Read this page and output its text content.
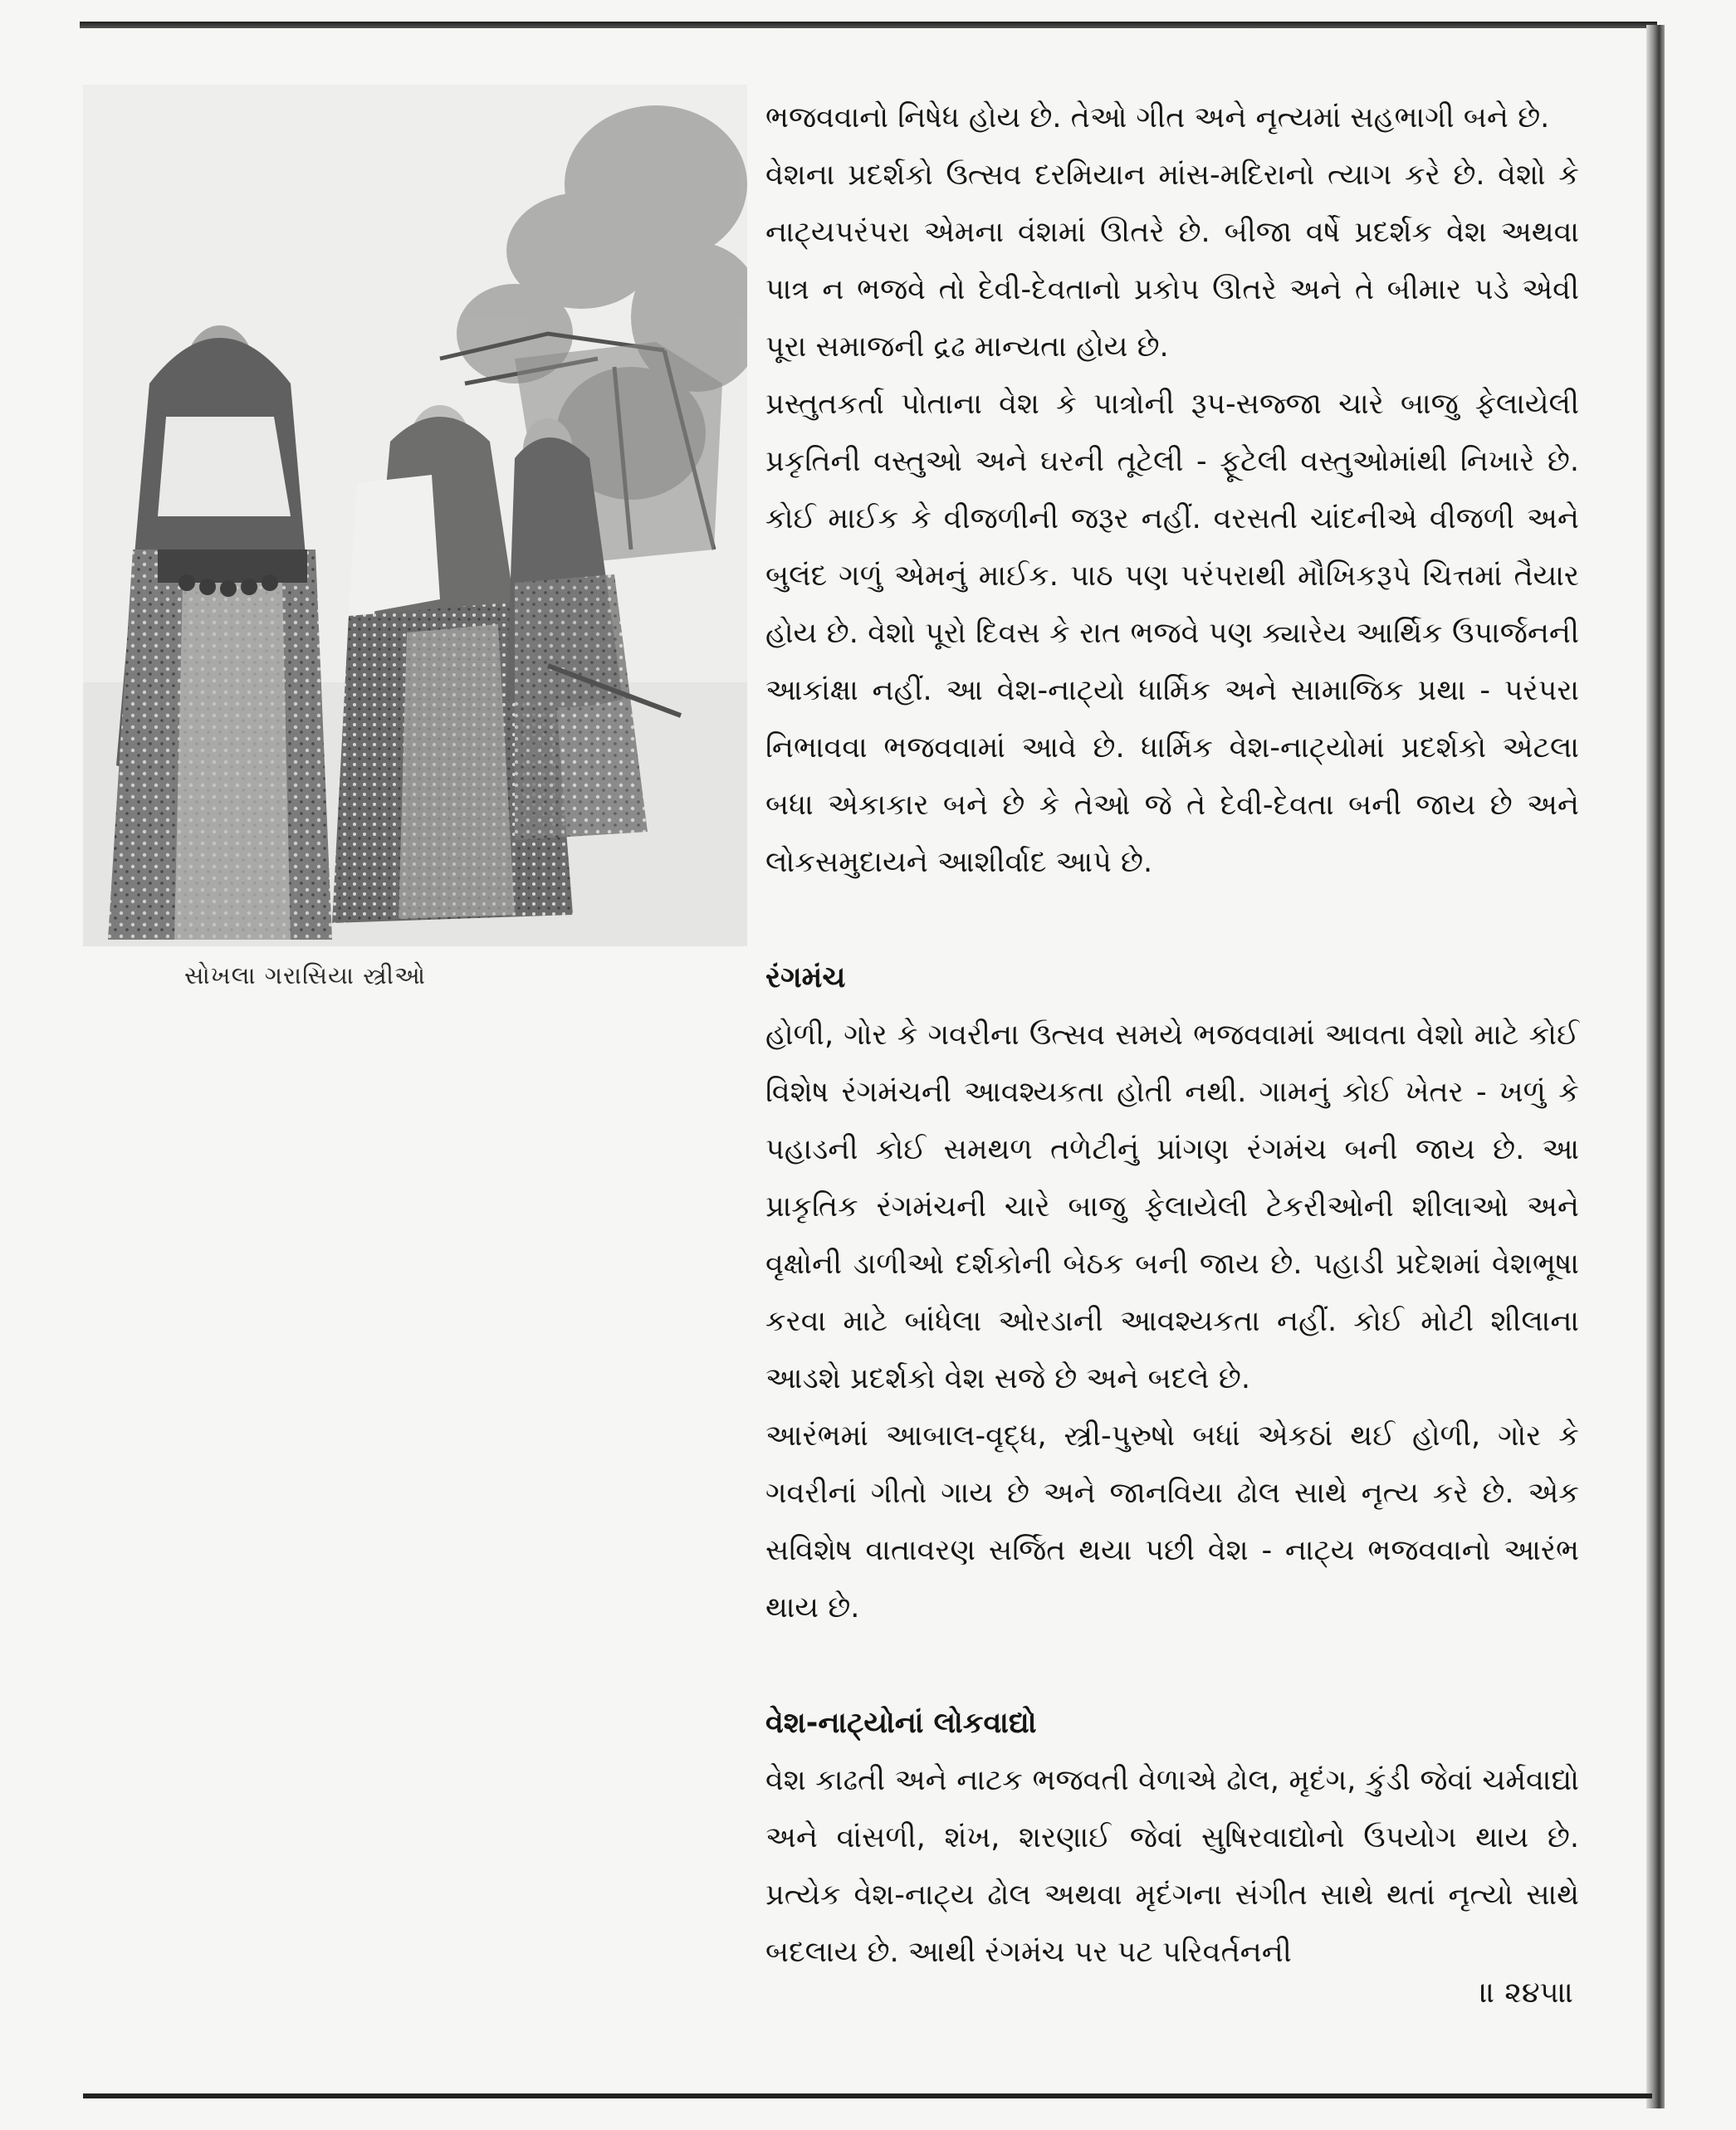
સોખલા ગરાસિયા સ્ત્રીઓ

ભજવવાનો નિષેધ હોય છે. તેઓ ગીત અને નૃત્યમાં સહભાગી બને છે.

વેશના પ્રદર્શકો ઉત્સવ દરમિયાન માંસ-મદિરાનો ત્યાગ કરે છે. વેશો કે નાટ્યપરંપરા એમના વંશમાં ઊતરે છે. બીજા વર્ષે પ્રદર્શક વેશ અથવા પાત્ર ન ભજવે તો દેવી-દેવતાનો પ્રકોપ ઊતરે અને તે બીમાર પડે એવી પૂરા સમાજની દ્રઢ માન્યતા હોય છે.

પ્રસ્તુતકર્તા પોતાના વેશ કે પાત્રોની રૂપ-સજ્જા ચારે બાજુ ફેલાયેલી પ્રકૃતિની વસ્તુઓ અને ઘરની તૂટેલી - ફૂટેલી વસ્તુઓમાંથી નિખારે છે. કોઈ માઈક કે વીજળીની જરૂર નહીં. વરસતી ચાંદનીએ વીજળી અને બુલંદ ગળું એમનું માઈક. પાઠ પણ પરંપરાથી મૌખિકરૂપે ચિત્તમાં તૈયાર હોય છે. વેશો પૂરો દિવસ કે રાત ભજવે પણ ક્યારેય આર્થિક ઉપાર્જનની આકાંક્ષા નહીં. આ વેશ-નાટ્યો ધાર્મિક અને સામાજિક પ્રથા - પરંપરા નિભાવવા ભજવવામાં આવે છે. ધાર્મિક વેશ-નાટ્યોમાં પ્રદર્શકો એટલા બધા એકાકાર બને છે કે તેઓ જે તે દેવી-દેવતા બની જાય છે અને લોકસમુદાયને આશીર્વાદ આપે છે.

રંગમંચ

હોળી, ગોર કે ગવરીના ઉત્સવ સમયે ભજવવામાં આવતા વેશો માટે કોઈ વિશેષ રંગમંચની આવશ્યકતા હોતી નથી. ગામનું કોઈ ખેતર - ખળું કે પહાડની કોઈ સમથળ તળેટીનું પ્રાંગણ રંગમંચ બની જાય છે. આ પ્રાકૃતિક રંગમંચની ચારે બાજુ ફેલાયેલી ટેકરીઓની શીલાઓ અને વૃક્ષોની ડાળીઓ દર્શકોની બેઠક બની જાય છે. પહાડી પ્રદેશમાં વેશભૂષા કરવા માટે બાંધેલા ઓરડાની આવશ્યકતા નહીં. કોઈ મોટી શીલાના આડશે પ્રદર્શકો વેશ સજે છે અને બદલે છે.

આરંભમાં આબાલ-વૃદ્ધ, સ્ત્રી-પુરુષો બધાં એકઠાં થઈ હોળી, ગોર કે ગવરીનાં ગીતો ગાય છે અને જાનવિયા ઢોલ સાથે નૃત્ય કરે છે. એક સવિશેષ વાતાવરણ સર્જિત થયા પછી વેશ - નાટ્ય ભજવવાનો આરંભ થાય છે.

વેશ-નાટ્યોનાં લોકવાદ્યો

વેશ કાઢતી અને નાટક ભજવતી વેળાએ ઢોલ, મૃદંગ, કુંડી જેવાં ચર્મવાદ્યો અને વાંસળી, શંખ, શરણાઈ જેવાં સુષિરવાદ્યોનો ઉપયોગ થાય છે. પ્રત્યેક વેશ-નાટ્ય ઢોલ અથવા મૃદંગના સંગીત સાથે થતાં નૃત્યો સાથે બદલાય છે. આથી રંગમંચ પર પટ પરિવર્તનની

॥ ૨૪૫॥
